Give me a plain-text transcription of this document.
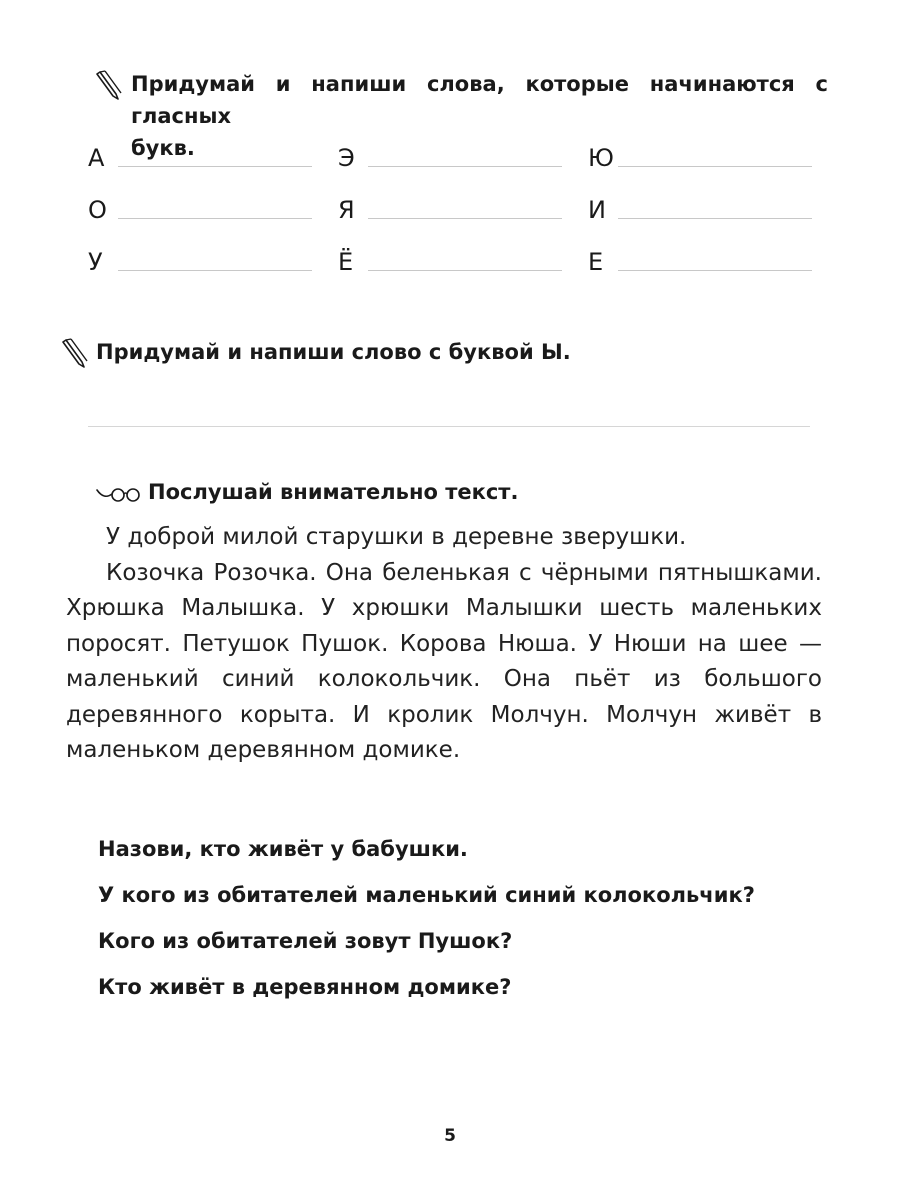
Придумай и напиши слова, которые начинаются с гласных
букв.
А	Э	Ю
О	Я	И
У	Ё	Е
Придумай и напиши слово с буквой Ы.
Послушай внимательно текст.

У доброй милой старушки в деревне зверушки.

Козочка Розочка. Она беленькая с чёрными пятнышками. Хрюшка Малышка. У хрюшки Малышки шесть маленьких поросят. Петушок Пушок. Корова Нюша. У Нюши на шее — маленький синий колокольчик. Она пьёт из большого деревянного корыта. И кролик Молчун. Молчун живёт в маленьком деревянном домике.

Назови, кто живёт у бабушки.

У кого из обитателей маленький синий колокольчик?

Кого из обитателей зовут Пушок?

Кто живёт в деревянном домике?

5
